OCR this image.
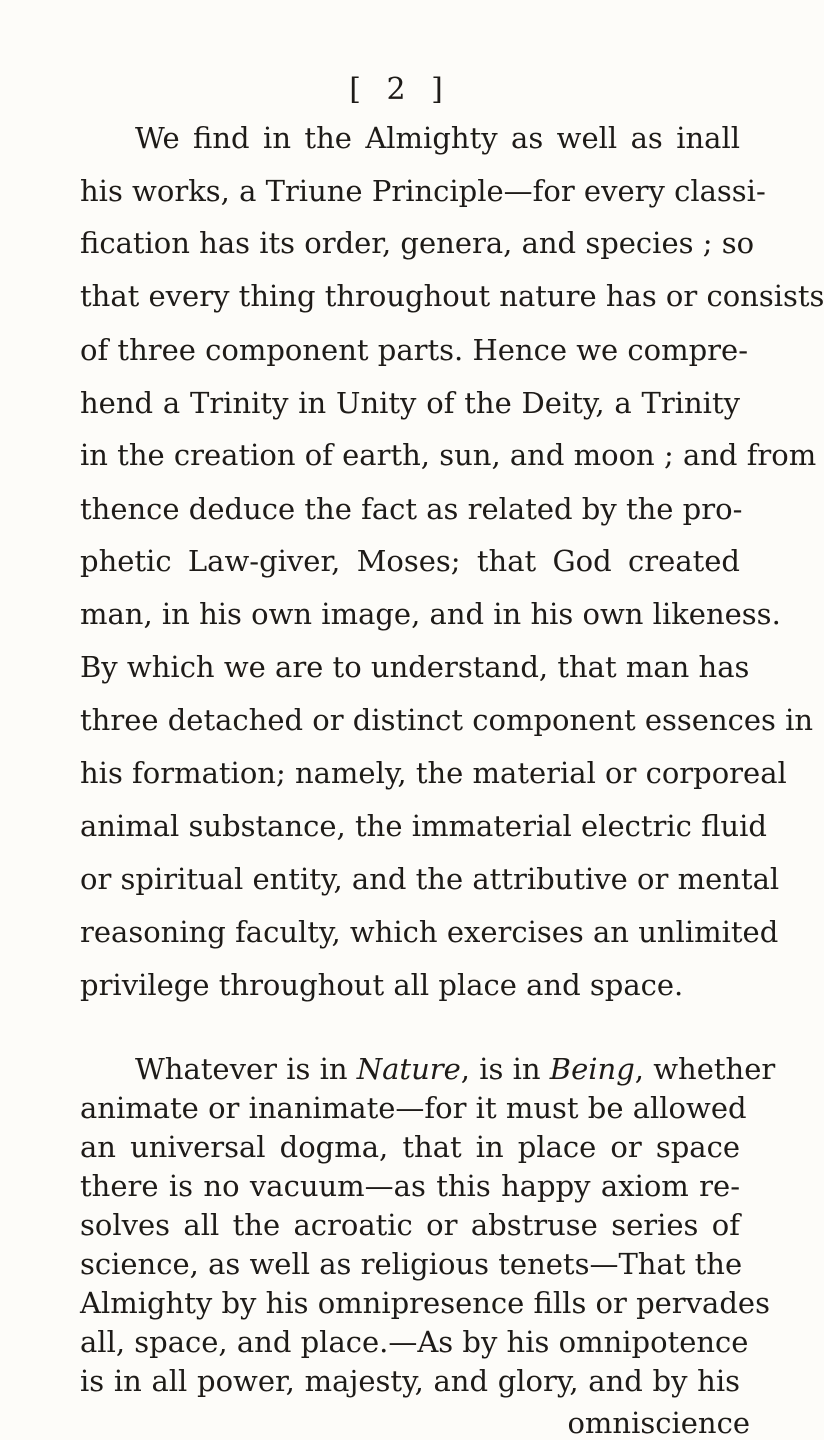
[ 2 ]
We find in the Almighty as well as inall
his works, a Triune Principle—for every classi-
fication has its order, genera, and species ; so
that every thing throughout nature has or consists
of three component parts. Hence we compre-
hend a Trinity in Unity of the Deity, a Trinity
in the creation of earth, sun, and moon ; and from
thence deduce the fact as related by the pro-
phetic Law-giver, Moses; that God created
man, in his own image, and in his own likeness.
By which we are to understand, that man has
three detached or distinct component essences in
his formation; namely, the material or corporeal
animal substance, the immaterial electric fluid
or spiritual entity, and the attributive or mental
reasoning faculty, which exercises an unlimited
privilege throughout all place and space.
Whatever is in Nature, is in Being, whether
animate or inanimate—for it must be allowed
an universal dogma, that in place or space
there is no vacuum—as this happy axiom re-
solves all the acroatic or abstruse series of
science, as well as religious tenets—That the
Almighty by his omnipresence fills or pervades
all, space, and place.—As by his omnipotence
is in all power, majesty, and glory, and by his
omniscience
